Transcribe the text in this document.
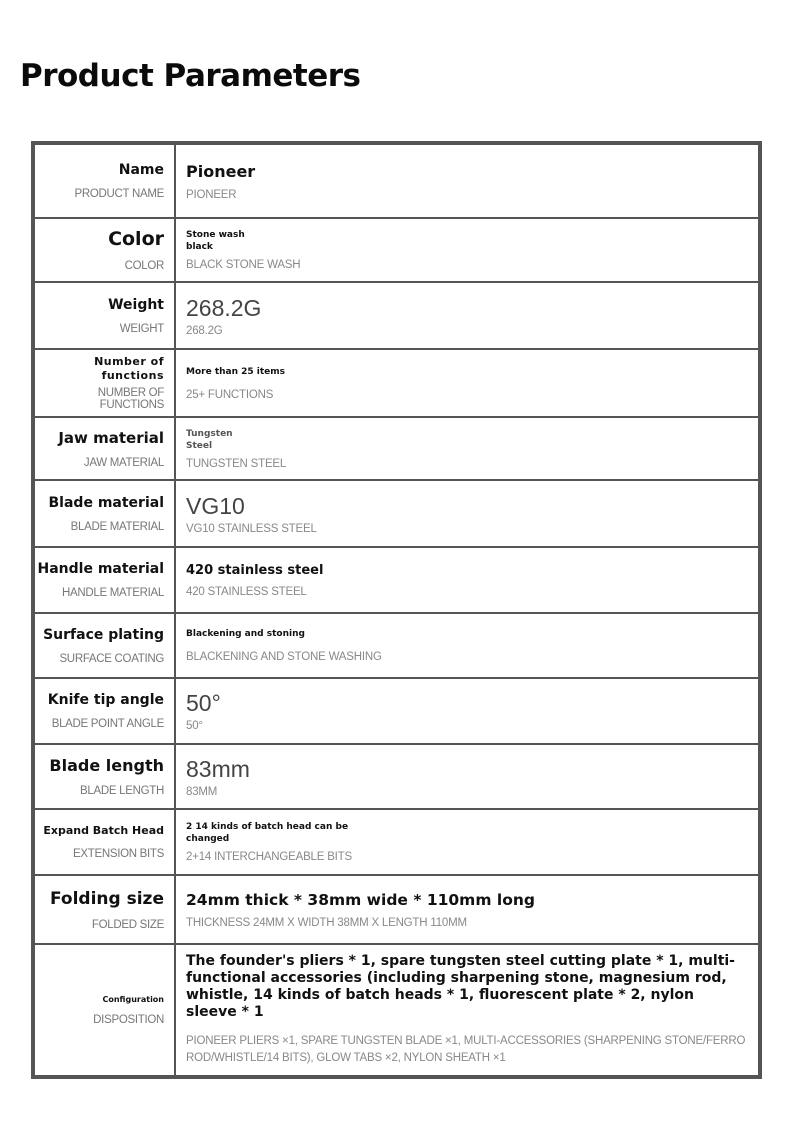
Product Parameters
Name
PRODUCT NAME
Pioneer
PIONEER
Color
COLOR
Stone wash
black
BLACK STONE WASH
Weight
WEIGHT
268.2G
268.2G
Number of
functions
NUMBER OF FUNCTIONS
More than 25 items
25+ FUNCTIONS
Jaw material
JAW MATERIAL
Tungsten
Steel
TUNGSTEN STEEL
Blade material
BLADE MATERIAL
VG10
VG10 STAINLESS STEEL
Handle material
HANDLE MATERIAL
420 stainless steel
420 STAINLESS STEEL
Surface plating
SURFACE COATING
Blackening and stoning
BLACKENING AND STONE WASHING
Knife tip angle
BLADE POINT ANGLE
50°
50°
Blade length
BLADE LENGTH
83mm
83MM
Expand Batch Head
EXTENSION BITS
2 14 kinds of batch head can be
changed
2+14 INTERCHANGEABLE BITS
Folding size
FOLDED SIZE
24mm thick * 38mm wide * 110mm long
THICKNESS 24MM X WIDTH 38MM X LENGTH 110MM
Configuration
DISPOSITION
The founder's pliers * 1, spare tungsten steel cutting plate * 1, multi-functional accessories (including sharpening stone, magnesium rod, whistle, 14 kinds of batch heads * 1, fluorescent plate * 2, nylon sleeve * 1
PIONEER PLIERS ×1, SPARE TUNGSTEN BLADE ×1, MULTI-ACCESSORIES (SHARPENING STONE/FERRO ROD/WHISTLE/14 BITS), GLOW TABS ×2, NYLON SHEATH ×1
